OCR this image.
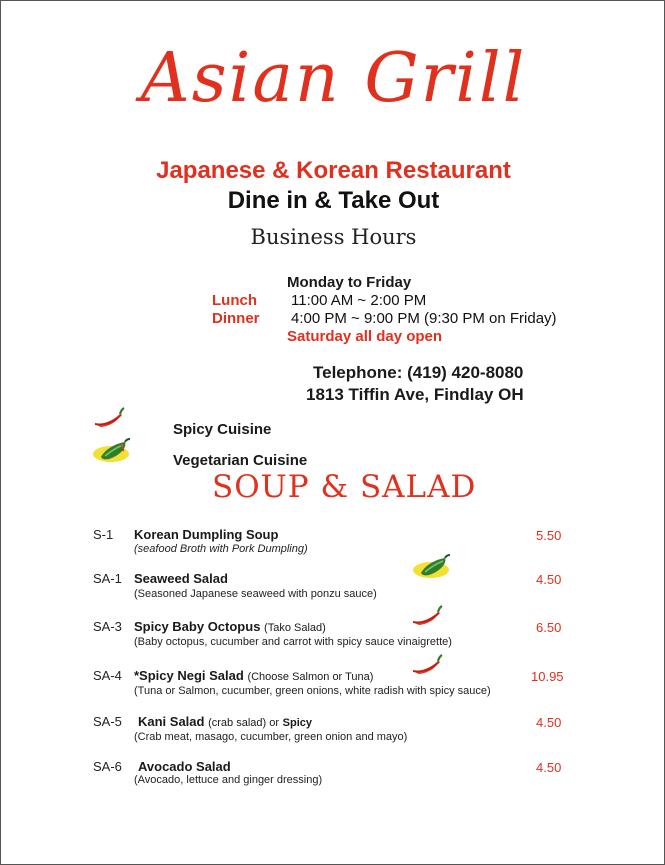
Asian Grill
Japanese & Korean Restaurant
Dine in & Take Out
Business Hours
Monday to Friday
Lunch 11:00 AM ~ 2:00 PM
Dinner 4:00 PM ~ 9:00 PM (9:30 PM on Friday)
Saturday all day open
Telephone: (419) 420-8080
1813 Tiffin Ave, Findlay OH
Spicy Cuisine
Vegetarian Cuisine
SOUP & SALAD
S-1 Korean Dumpling Soup
(seafood Broth with Pork Dumpling)
5.50
SA-1 Seaweed Salad
(Seasoned Japanese seaweed with ponzu sauce)
4.50
SA-3 Spicy Baby Octopus (Tako Salad)
(Baby octopus, cucumber and carrot with spicy sauce vinaigrette)
6.50
SA-4 *Spicy Negi Salad (Choose Salmon or Tuna)
(Tuna or Salmon, cucumber, green onions, white radish with spicy sauce)
10.95
SA-5 Kani Salad (crab salad) or Spicy
(Crab meat, masago, cucumber, green onion and mayo)
4.50
SA-6 Avocado Salad
(Avocado, lettuce and ginger dressing)
4.50
